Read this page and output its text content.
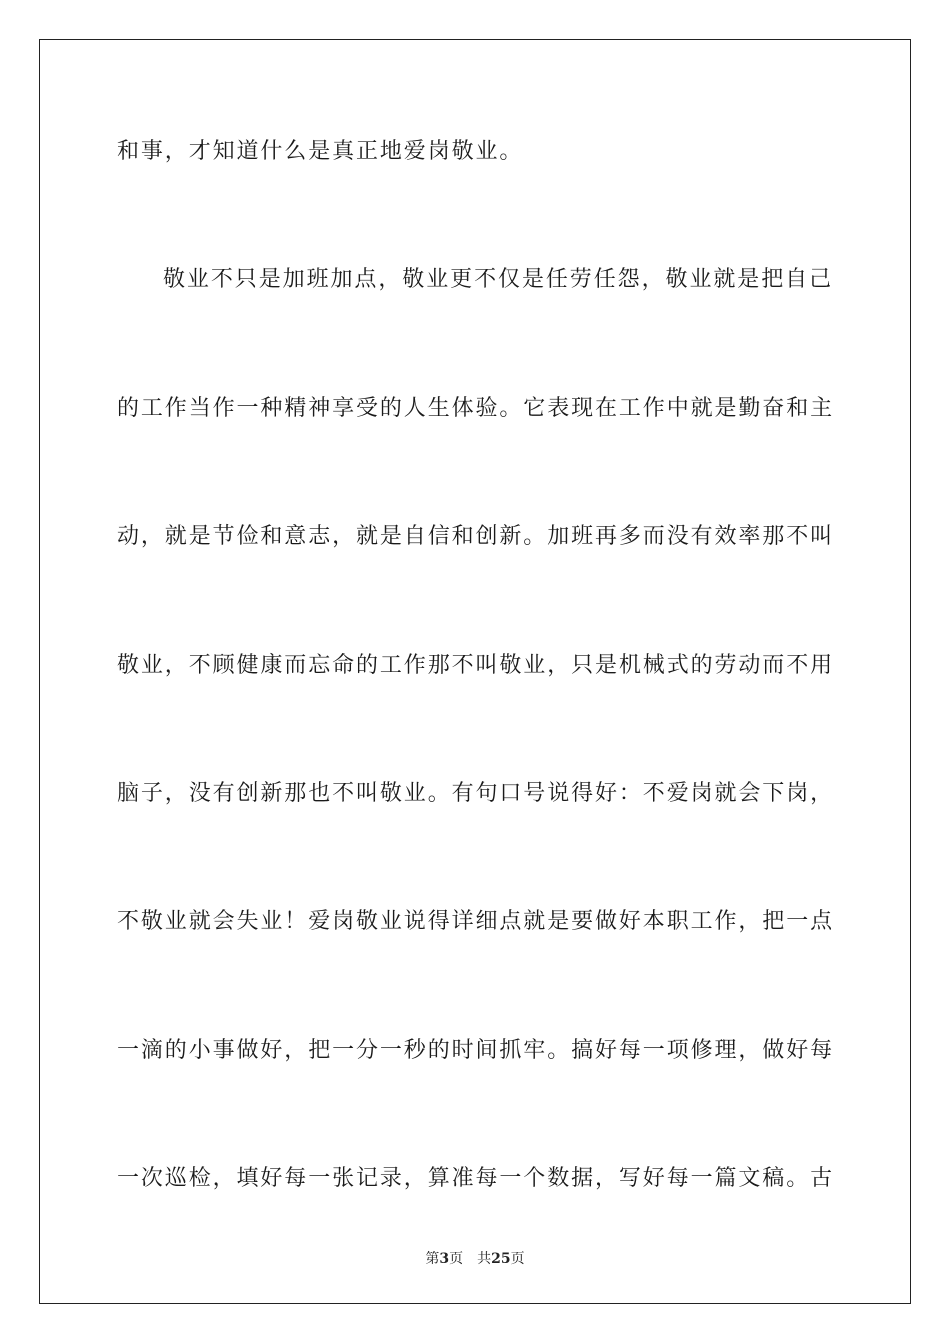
和事，才知道什么是真正地爱岗敬业。
敬业不只是加班加点，敬业更不仅是任劳任怨，敬业就是把自己
的工作当作一种精神享受的人生体验。它表现在工作中就是勤奋和主
动，就是节俭和意志，就是自信和创新。加班再多而没有效率那不叫
敬业，不顾健康而忘命的工作那不叫敬业，只是机械式的劳动而不用
脑子，没有创新那也不叫敬业。有句口号说得好：不爱岗就会下岗，
不敬业就会失业！爱岗敬业说得详细点就是要做好本职工作，把一点
一滴的小事做好，把一分一秒的时间抓牢。搞好每一项修理，做好每
一次巡检，填好每一张记录，算准每一个数据，写好每一篇文稿。古
第3页 共25页
